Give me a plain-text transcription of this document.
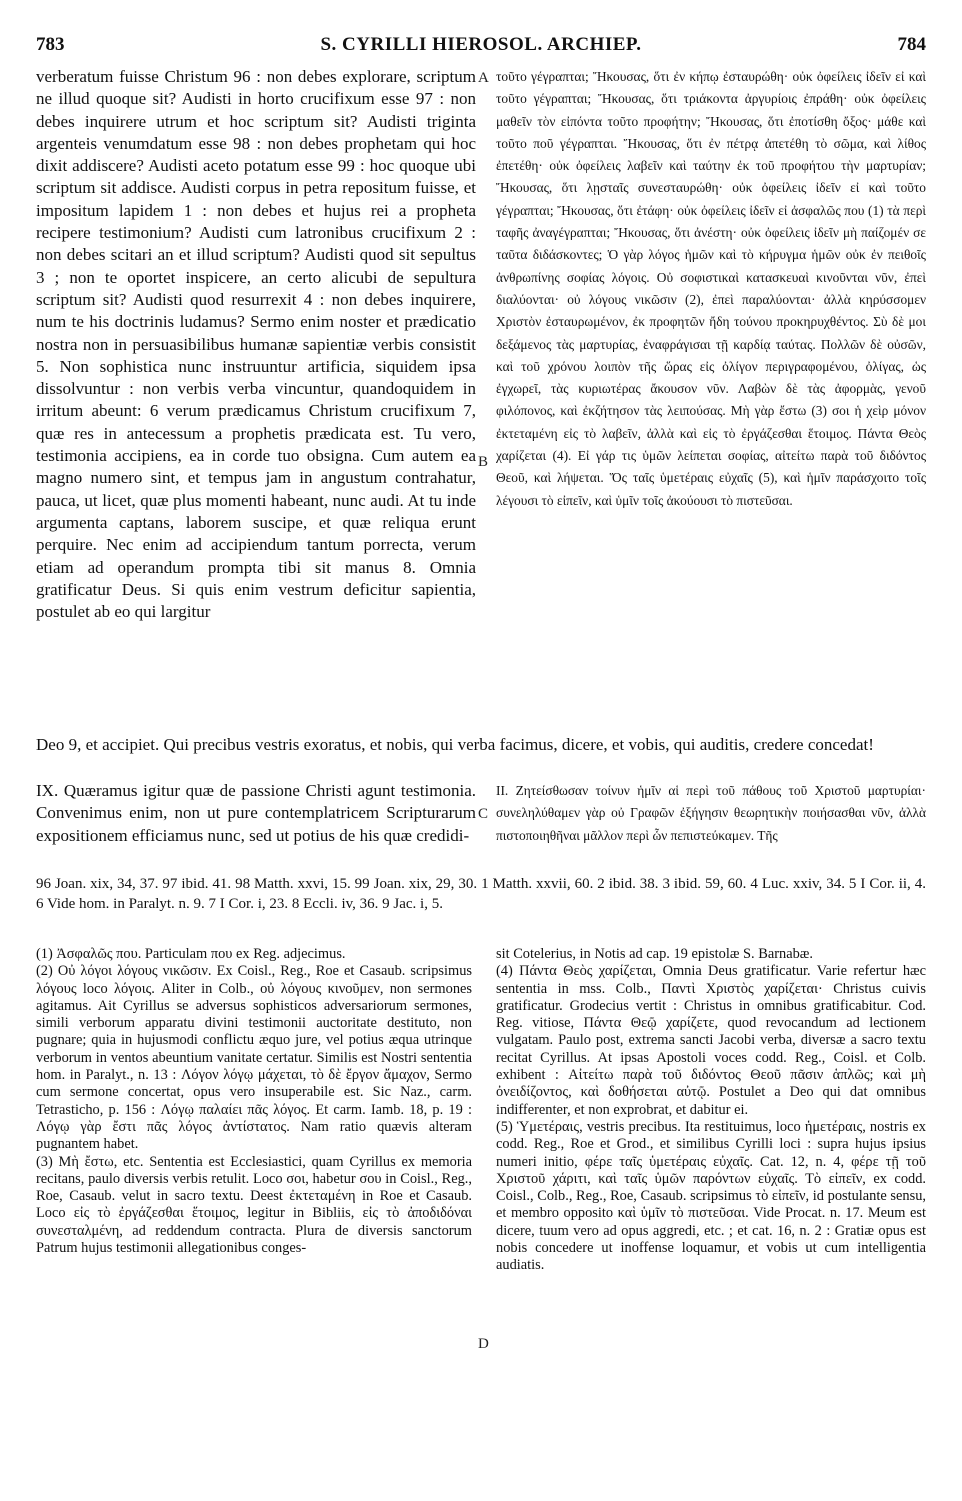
783	S. CYRILLI HIEROSOL. ARCHIEP.	784

verberatum fuisse Christum 96 : non debes explorare, scriptum ne illud quoque sit? Audisti in horto crucifixum esse 97 : non debes inquirere utrum et hoc scriptum sit? Audisti triginta argenteis venumdatum esse 98 : non debes prophetam qui hoc dixit addiscere? Audisti aceto potatum esse 99 : hoc quoque ubi scriptum sit addisce. Audisti corpus in petra repositum fuisse, et impositum lapidem 1 : non debes et hujus rei a propheta recipere testimonium? Audisti cum latronibus crucifixum 2 : non debes scitari an et illud scriptum? Audisti quod sit sepultus 3 ; non te oportet inspicere, an certo alicubi de sepultura scriptum sit? Audisti quod resurrexit 4 : non debes inquirere, num te his doctrinis ludamus? Sermo enim noster et prædicatio nostra non in persuasibilibus humanæ sapientiæ verbis consistit 5. Non sophistica nunc instruuntur artificia, siquidem ipsa dissolvuntur : non verbis verba vincuntur, quandoquidem in irritum abeunt: 6 verum prædicamus Christum crucifixum 7, quæ res in antecessum a prophetis prædicata est. Tu vero, testimonia accipiens, ea in corde tuo obsigna. Cum autem ea magno numero sint, et tempus jam in angustum contrahatur, pauca, ut licet, quæ plus momenti habeant, nunc audi. At tu inde argumenta captans, laborem suscipe, et quæ reliqua erunt perquire. Nec enim ad accipiendum tantum porrecta, verum etiam ad operandum prompta tibi sit manus 8. Omnia gratificatur Deus. Si quis enim vestrum deficitur sapientia, postulet ab eo qui largitur

τοῦτο γέγραπται; Ἤκουσας, ὅτι ἐν κήπῳ ἐσταυρώθη· οὐκ ὀφείλεις ἰδεῖν εἰ καὶ τοῦτο γέγραπται; Ἤκουσας, ὅτι τριάκοντα ἀργυρίοις ἐπράθη· οὐκ ὀφείλεις μαθεῖν τὸν εἰπόντα τοῦτο προφήτην; Ἤκουσας, ὅτι ἐποτίσθη ὄξος· μάθε καὶ τοῦτο ποῦ γέγραπται. Ἤκουσας, ὅτι ἐν πέτρᾳ ἀπετέθη τὸ σῶμα, καὶ λίθος ἐπετέθη· οὐκ ὀφείλεις λαβεῖν καὶ ταύτην ἐκ τοῦ προφήτου τὴν μαρτυρίαν; Ἤκουσας, ὅτι λῃσταῖς συνεσταυρώθη· οὐκ ὀφείλεις ἰδεῖν εἰ καὶ τοῦτο γέγραπται; Ἤκουσας, ὅτι ἐτάφη· οὐκ ὀφείλεις ἰδεῖν εἰ ἀσφαλῶς που (1) τὰ περὶ ταφῆς ἀναγέγραπται; Ἤκουσας, ὅτι ἀνέστη· οὐκ ὀφείλεις ἰδεῖν μὴ παίζομέν σε ταῦτα διδάσκοντες; Ὁ γὰρ λόγος ἡμῶν καὶ τὸ κήρυγμα ἡμῶν οὐκ ἐν πειθοῖς ἀνθρωπίνης σοφίας λόγοις. Οὐ σοφιστικαὶ κατασκευαὶ κινοῦνται νῦν, ἐπεὶ διαλύονται· οὐ λόγους νικῶσιν (2), ἐπεὶ παραλύονται· ἀλλὰ κηρύσσομεν Χριστὸν ἐσταυρωμένον, ἐκ προφητῶν ἤδη τούνου προκηρυχθέντος. Σὺ δὲ μοι δεξάμενος τὰς μαρτυρίας, ἐναφράγισαι τῇ καρδίᾳ ταύτας. Πολλῶν δὲ οὐσῶν, καὶ τοῦ χρόνου λοιπὸν τῆς ὥρας εἰς ὀλίγον περιγραφομένου, ὀλίγας, ὡς ἐγχωρεῖ, τὰς κυριωτέρας ἄκουσον νῦν. Λαβὼν δὲ τὰς ἀφορμὰς, γενοῦ φιλόπονος, καὶ ἐκζήτησον τὰς λειπούσας. Μὴ γὰρ ἔστω (3) σοι ἡ χεὶρ μόνον ἐκτεταμένη εἰς τὸ λαβεῖν, ἀλλὰ καὶ εἰς τὸ ἐργάζεσθαι ἕτοιμος. Πάντα Θεὸς χαρίζεται (4). Εἰ γάρ τις ὑμῶν λείπεται σοφίας, αἰτείτω παρὰ τοῦ διδόντος Θεοῦ, καὶ λήψεται. Ὅς ταῖς ὑμετέραις εὐχαῖς (5), καὶ ἡμῖν παράσχοιτο τοῖς λέγουσι τὸ εἰπεῖν, καὶ ὑμῖν τοῖς ἀκούουσι τὸ πιστεῦσαι.

A
B
C
D

Deo 9, et accipiet. Qui precibus vestris exoratus, et nobis, qui verba facimus, dicere, et vobis, qui auditis, credere concedat!

IX. Quæramus igitur quæ de passione Christi agunt testimonia. Convenimus enim, non ut pure contemplatricem Scripturarum expositionem efficiamus nunc, sed ut potius de his quæ credidi-

II. Ζητείσθωσαν τοίνυν ἡμῖν αἱ περὶ τοῦ πάθους τοῦ Χριστοῦ μαρτυρίαι· συνεληλύθαμεν γὰρ οὐ Γραφῶν ἐξήγησιν θεωρητικὴν ποιήσασθαι νῦν, ἀλλὰ πιστοποιηθῆναι μᾶλλον περὶ ὧν πεπιστεύκαμεν. Τῆς

96 Joan. xix, 34, 37. 97 ibid. 41. 98 Matth. xxvi, 15. 99 Joan. xix, 29, 30. 1 Matth. xxvii, 60. 2 ibid. 38. 3 ibid. 59, 60. 4 Luc. xxiv, 34. 5 I Cor. ii, 4. 6 Vide hom. in Paralyt. n. 9. 7 I Cor. i, 23. 8 Eccli. iv, 36. 9 Jac. i, 5.

(1) Ἀσφαλῶς που. Particulam που ex Reg. adjecimus.

(2) Οὐ λόγοι λόγους νικῶσιν. Ex Coisl., Reg., Roe et Casaub. scripsimus λόγους loco λόγοις. Aliter in Colb., οὐ λόγους κινοῦμεν, non sermones agitamus. Ait Cyrillus se adversus sophisticos adversariorum sermones, simili verborum apparatu divini testimonii auctoritate destituto, non pugnare; quia in hujusmodi conflictu æquo jure, vel potius æqua utrinque verborum in ventos abeuntium vanitate certatur. Similis est Nostri sententia hom. in Paralyt., n. 13 : Λόγον λόγῳ μάχεται, τὸ δὲ ἔργον ἄμαχον, Sermo cum sermone concertat, opus vero insuperabile est. Sic Naz., carm. Tetrasticho, p. 156 : Λόγῳ παλαίει πᾶς λόγος. Et carm. Iamb. 18, p. 19 : Λόγῳ γὰρ ἔστι πᾶς λόγος ἀντίστατος. Nam ratio quævis alteram pugnantem habet.

(3) Μὴ ἔστω, etc. Sententia est Ecclesiastici, quam Cyrillus ex memoria recitans, paulo diversis verbis retulit. Loco σοι, habetur σου in Coisl., Reg., Roe, Casaub. velut in sacro textu. Deest ἐκτεταμένη in Roe et Casaub. Loco εἰς τὸ ἐργάζεσθαι ἕτοιμος, legitur in Bibliis, εἰς τὸ ἀποδιδόναι συνεσταλμένη, ad reddendum contracta. Plura de diversis sanctorum Patrum hujus testimonii allegationibus conges-

sit Cotelerius, in Notis ad cap. 19 epistolæ S. Barnabæ.

(4) Πάντα Θεὸς χαρίζεται, Omnia Deus gratificatur. Varie refertur hæc sententia in mss. Colb., Παντὶ Χριστὸς χαρίζεται· Christus cuivis gratificatur. Grodecius vertit : Christus in omnibus gratificabitur. Cod. Reg. vitiose, Πάντα Θεῷ χαρίζετε, quod revocandum ad lectionem vulgatam. Paulo post, extrema sancti Jacobi verba, diversæ a sacro textu recitat Cyrillus. At ipsas Apostoli voces codd. Reg., Coisl. et Colb. exhibent : Αἰτείτω παρὰ τοῦ διδόντος Θεοῦ πᾶσιν ἁπλῶς; καὶ μὴ ὀνειδίζοντος, καὶ δοθήσεται αὐτῷ. Postulet a Deo qui dat omnibus indifferenter, et non exprobrat, et dabitur ei.

(5) Ὑμετέραις, vestris precibus. Ita restituimus, loco ἡμετέραις, nostris ex codd. Reg., Roe et Grod., et similibus Cyrilli loci : supra hujus ipsius numeri initio, φέρε ταῖς ὑμετέραις εὐχαῖς. Cat. 12, n. 4, φέρε τῇ τοῦ Χριστοῦ χάριτι, καὶ ταῖς ὑμῶν παρόντων εὐχαῖς. Τὸ εἰπεῖν, ex codd. Coisl., Colb., Reg., Roe, Casaub. scripsimus τὸ εἰπεῖν, id postulante sensu, et membro opposito καὶ ὑμῖν τὸ πιστεῦσαι. Vide Procat. n. 17. Meum est dicere, tuum vero ad opus aggredi, etc. ; et cat. 16, n. 2 : Gratiæ opus est nobis concedere ut inoffense loquamur, et vobis ut cum intelligentia audiatis.
